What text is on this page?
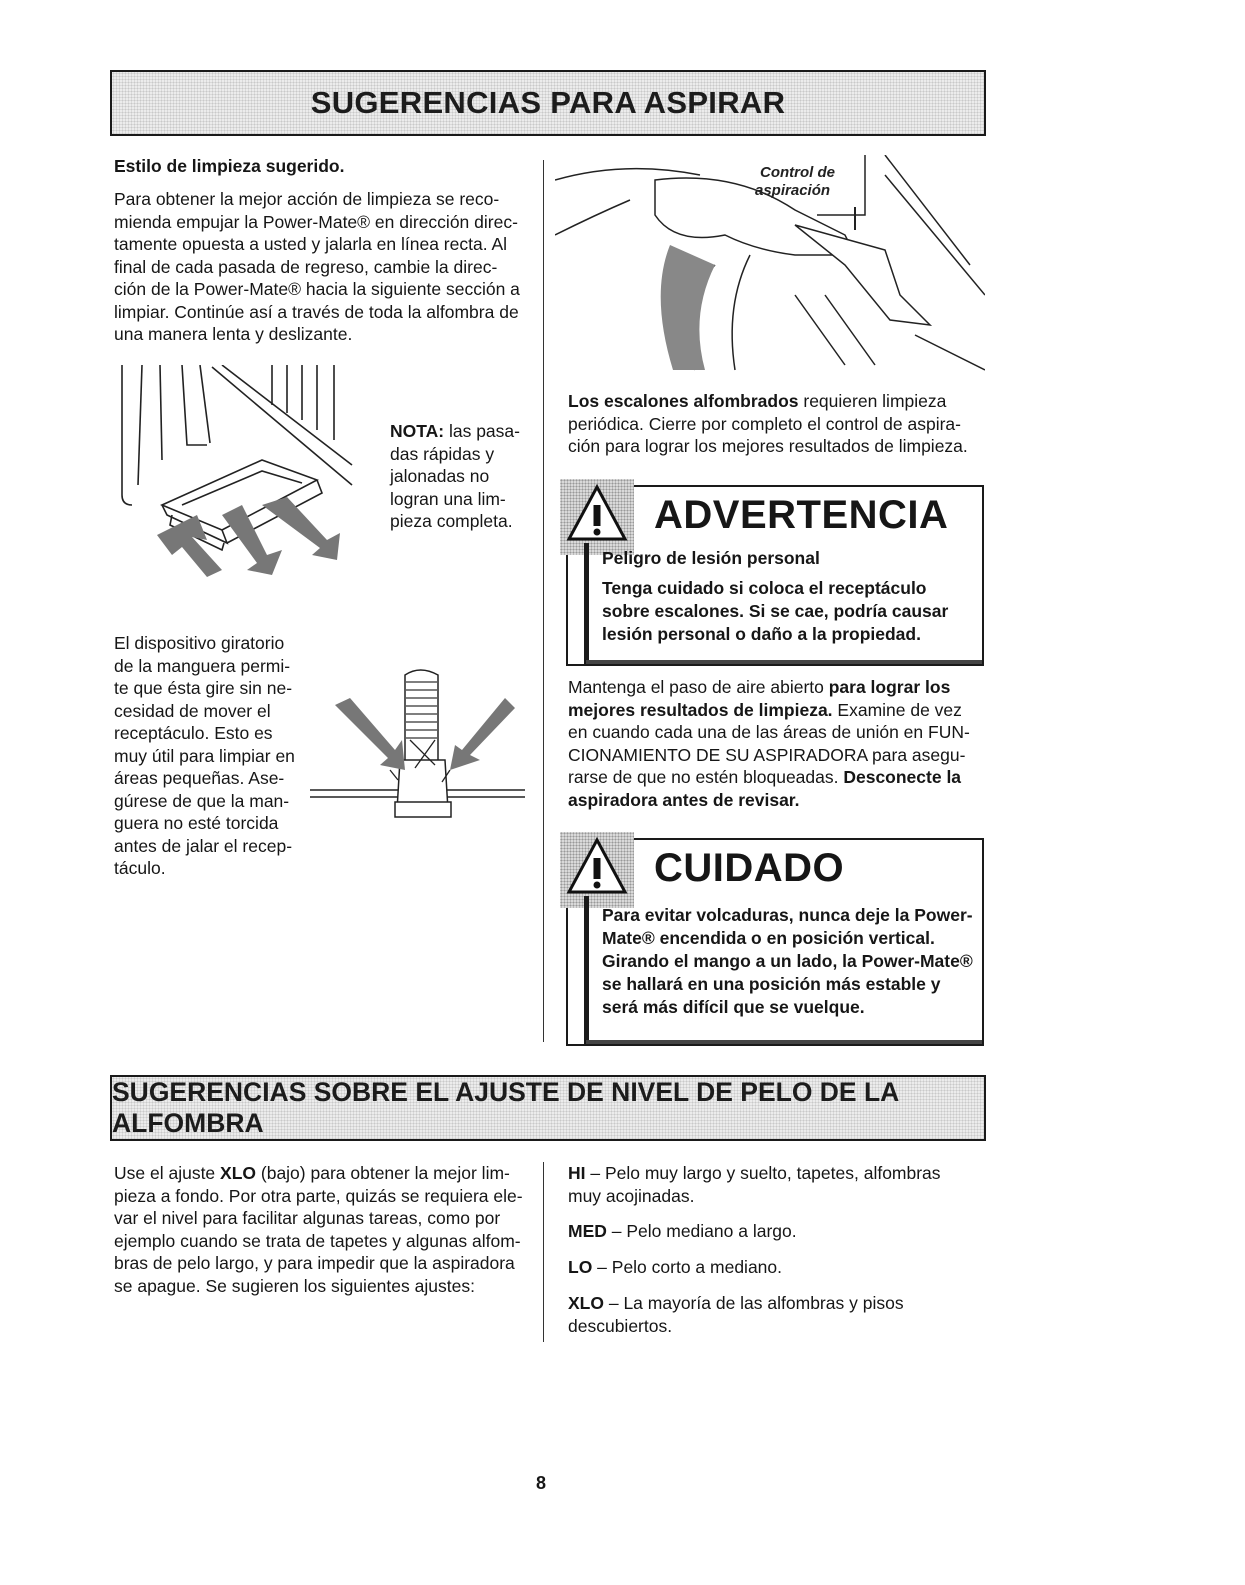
SUGERENCIAS PARA ASPIRAR
Estilo de limpieza sugerido.
Para obtener la mejor acción de limpieza se reco-
mienda empujar la Power-Mate® en dirección direc-
tamente opuesta a usted y jalarla en línea recta. Al
final de cada pasada de regreso, cambie la direc-
ción de la Power-Mate® hacia la siguiente sección a
limpiar. Continúe así a través de toda la alfombra de
una manera lenta y deslizante.
NOTA: las pasa-
das rápidas y
jalonadas no
logran una lim-
pieza completa.
El dispositivo giratorio
de la manguera permi-
te que ésta gire sin ne-
cesidad de mover el
receptáculo. Esto es
muy útil para limpiar en
áreas pequeñas. Ase-
gúrese de que la man-
guera no esté torcida
antes de jalar el recep-
táculo.
Control de
aspiración
Los escalones alfombrados requieren limpieza
periódica. Cierre por completo el control de aspira-
ción para lograr los mejores resultados de limpieza.
ADVERTENCIA
Peligro de lesión personal
Tenga cuidado si coloca el receptáculo
sobre escalones. Si se cae, podría causar
lesión personal o daño a la propiedad.
Mantenga el paso de aire abierto para lograr los
mejores resultados de limpieza. Examine de vez
en cuando cada una de las áreas de unión en FUN-
CIONAMIENTO DE SU ASPIRADORA para asegu-
rarse de que no estén bloqueadas. Desconecte la
aspiradora antes de revisar.
CUIDADO
Para evitar volcaduras, nunca deje la Power-
Mate® encendida o en posición vertical.
Girando el mango a un lado, la Power-Mate®
se hallará en una posición más estable y
será más difícil que se vuelque.
SUGERENCIAS SOBRE EL AJUSTE DE NIVEL DE PELO DE LA ALFOMBRA
Use el ajuste XLO (bajo) para obtener la mejor lim-
pieza a fondo. Por otra parte, quizás se requiera ele-
var el nivel para facilitar algunas tareas, como por
ejemplo cuando se trata de tapetes y algunas alfom-
bras de pelo largo, y para impedir que la aspiradora
se apague. Se sugieren los siguientes ajustes:
HI – Pelo muy largo y suelto, tapetes, alfombras
muy acojinadas.
MED – Pelo mediano a largo.
LO – Pelo corto a mediano.
XLO – La mayoría de las alfombras y pisos
descubiertos.
8
